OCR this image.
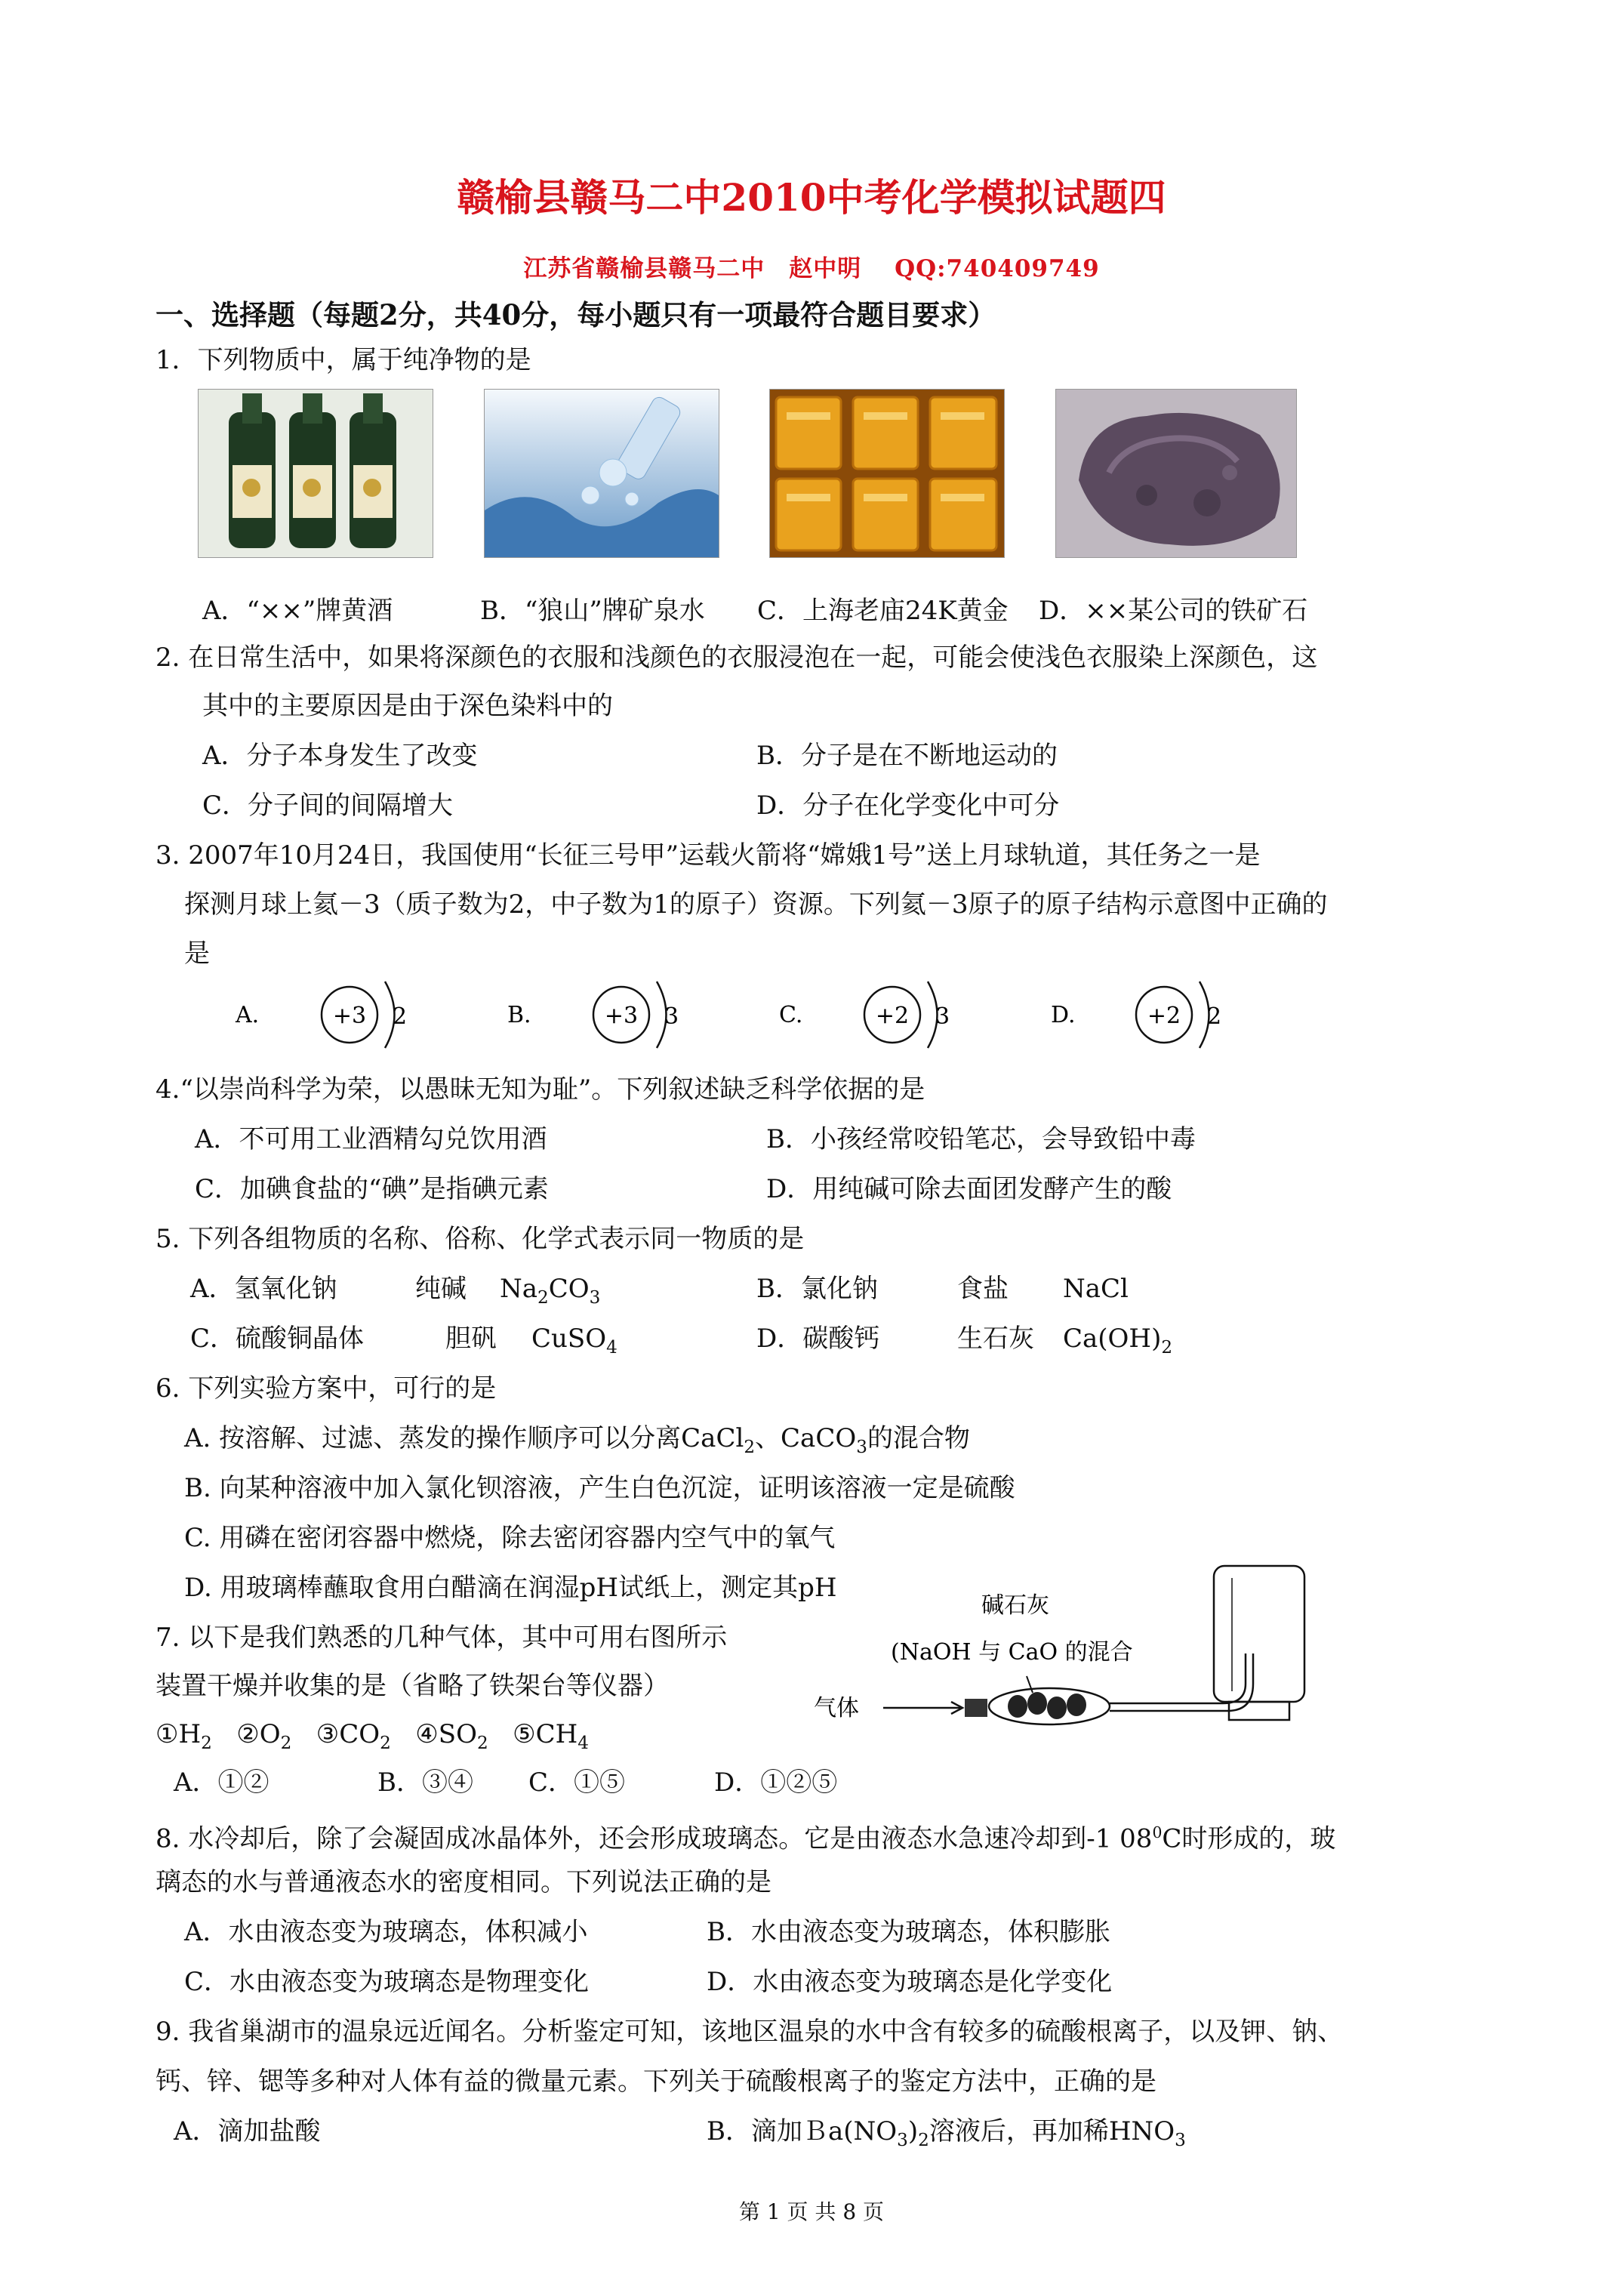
赣榆县赣马二中2010中考化学模拟试题四
江苏省赣榆县赣马二中　赵中明　 QQ:740409749
一、选择题（每题2分，共40分，每小题只有一项最符合题目要求）
1．下列物质中，属于纯净物的是
A．“××”牌黄酒	B．“狼山”牌矿泉水 C．上海老庙24K黄金 D．××某公司的铁矿石
2. 在日常生活中，如果将深颜色的衣服和浅颜色的衣服浸泡在一起，可能会使浅色衣服染上深颜色，这
其中的主要原因是由于深色染料中的
A．分子本身发生了改变	B．分子是在不断地运动的
C．分子间的间隔增大	D．分子在化学变化中可分
3. 2007年10月24日，我国使用“长征三号甲”运载火箭将“嫦娥1号”送上月球轨道，其任务之一是
探测月球上氦－3（质子数为2，中子数为1的原子）资源。下列氦－3原子的原子结构示意图中正确的
是
A.	+3 2	B.	+3 3	C.	+2 3	D.	+2 2
4.“以崇尚科学为荣，以愚昧无知为耻”。下列叙述缺乏科学依据的是
A．不可用工业酒精勾兑饮用酒	B．小孩经常咬铅笔芯，会导致铅中毒
C．加碘食盐的“碘”是指碘元素	D．用纯碱可除去面团发酵产生的酸
5. 下列各组物质的名称、俗称、化学式表示同一物质的是
A．氢氧化钠	纯碱 $Na_2CO_3$	B．氯化钠	食盐 NaCl
C．硫酸铜晶体	胆矾 CuSO$_4$	D．碳酸钙	生石灰 $Ca(OH)_2$
6. 下列实验方案中，可行的是
A. 按溶解、过滤、蒸发的操作顺序可以分离CaCl$_2$、CaCO$_3$的混合物
B. 向某种溶液中加入氯化钡溶液，产生白色沉淀，证明该溶液一定是硫酸
C. 用磷在密闭容器中燃烧，除去密闭容器内空气中的氧气
D. 用玻璃棒蘸取食用白醋滴在润湿pH试纸上，测定其pH
7. 以下是我们熟悉的几种气体，其中可用右图所示
装置干燥并收集的是（省略了铁架台等仪器）
$①H_2$ $②O_2$ $③CO_2$ $④SO_2$ $⑤CH_4$
A．①②	B．③④ C．①⑤	D．①②⑤
碱石灰
(NaOH 与 CaO 的混合
气体
8. 水冷却后，除了会凝固成冰晶体外，还会形成玻璃态。它是由液态水急速冷却到-1 $08^0C$时形成的，玻
璃态的水与普通液态水的密度相同。下列说法正确的是
A．水由液态变为玻璃态，体积减小	B．水由液态变为玻璃态，体积膨胀
C．水由液态变为玻璃态是物理变化	D．水由液态变为玻璃态是化学变化
9. 我省巢湖市的温泉远近闻名。分析鉴定可知，该地区温泉的水中含有较多的硫酸根离子，以及钾、钠、
钙、锌、锶等多种对人体有益的微量元素。下列关于硫酸根离子的鉴定方法中，正确的是
A．滴加盐酸	B．滴加$Ba(NO_3)_2$溶液后，再加稀$HNO_3$
第 1 页 共 8 页
